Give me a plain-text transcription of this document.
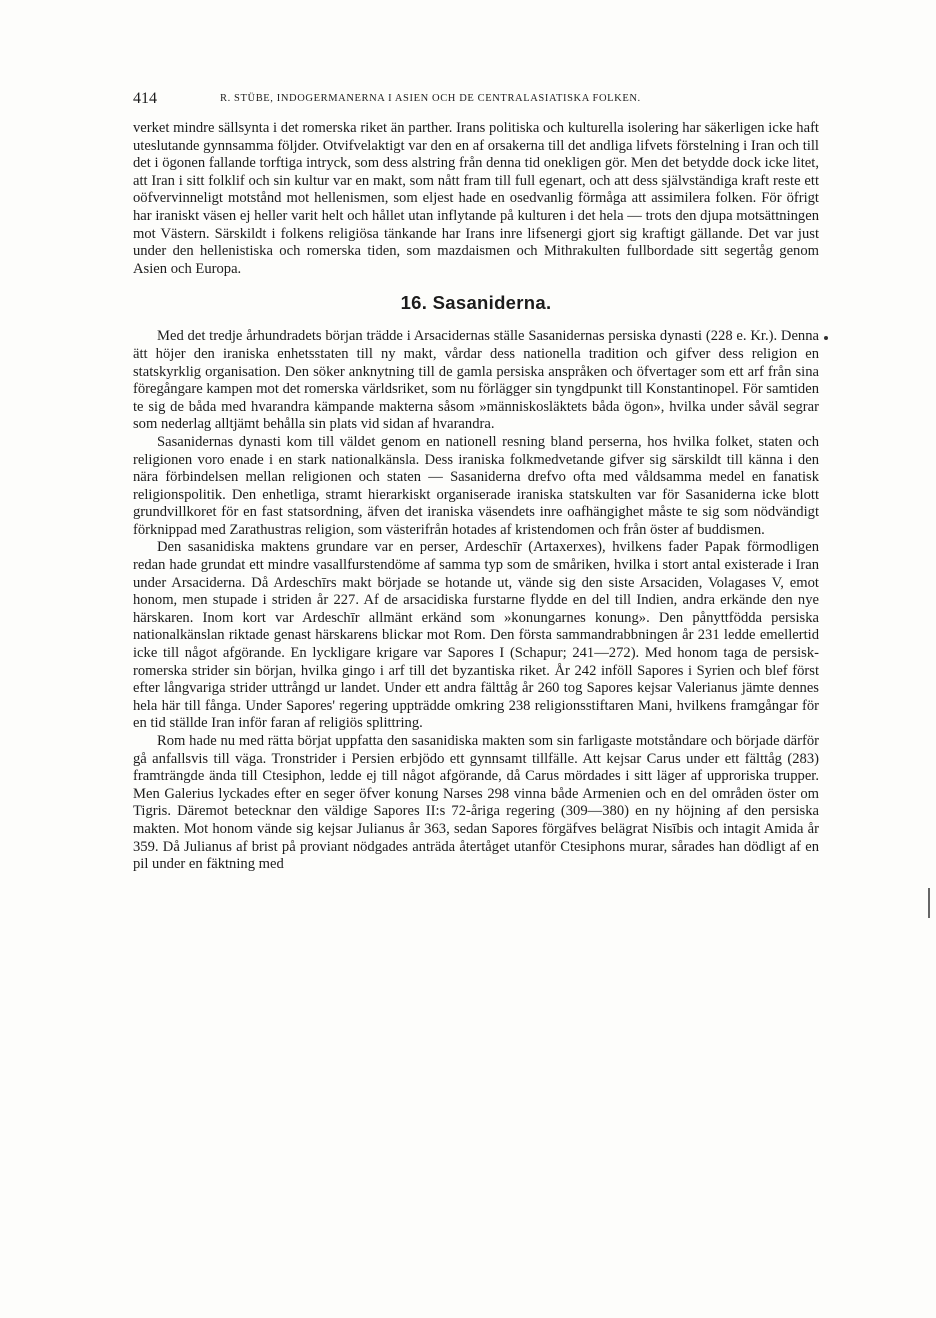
414	R. STÜBE, INDOGERMANERNA I ASIEN OCH DE CENTRALASIATISKA FOLKEN.

verket mindre sällsynta i det romerska riket än parther. Irans politiska och kulturella isolering har säkerligen icke haft uteslutande gynnsamma följder. Otvifvelaktigt var den en af orsakerna till det andliga lifvets förstelning i Iran och till det i ögonen fallande torftiga intryck, som dess alstring från denna tid onekligen gör. Men det betydde dock icke litet, att Iran i sitt folklif och sin kultur var en makt, som nått fram till full egenart, och att dess självständiga kraft reste ett oöfvervinneligt motstånd mot hellenismen, som eljest hade en osedvanlig förmåga att assimilera folken. För öfrigt har iraniskt väsen ej heller varit helt och hållet utan inflytande på kulturen i det hela — trots den djupa motsättningen mot Västern. Särskildt i folkens religiösa tänkande har Irans inre lifsenergi gjort sig kraftigt gällande. Det var just under den hellenistiska och romerska tiden, som mazdaismen och Mithrakulten fullbordade sitt segertåg genom Asien och Europa.

16. Sasaniderna.

Med det tredje århundradets början trädde i Arsacidernas ställe Sasanidernas persiska dynasti (228 e. Kr.). Denna ätt höjer den iraniska enhetsstaten till ny makt, vårdar dess nationella tradition och gifver dess religion en statskyrklig organisation. Den söker anknytning till de gamla persiska anspråken och öfvertager som ett arf från sina föregångare kampen mot det romerska världsriket, som nu förlägger sin tyngdpunkt till Konstantinopel. För samtiden te sig de båda med hvarandra kämpande makterna såsom »människosläktets båda ögon», hvilka under såväl segrar som nederlag alltjämt behålla sin plats vid sidan af hvarandra.

Sasanidernas dynasti kom till väldet genom en nationell resning bland perserna, hos hvilka folket, staten och religionen voro enade i en stark nationalkänsla. Dess iraniska folkmedvetande gifver sig särskildt till känna i den nära förbindelsen mellan religionen och staten — Sasaniderna drefvo ofta med våldsamma medel en fanatisk religionspolitik. Den enhetliga, stramt hierarkiskt organiserade iraniska statskulten var för Sasaniderna icke blott grundvillkoret för en fast statsordning, äfven det iraniska väsendets inre oafhängighet måste te sig som nödvändigt förknippad med Zarathustras religion, som västerifrån hotades af kristendomen och från öster af buddismen.

Den sasanidiska maktens grundare var en perser, Ardeschīr (Artaxerxes), hvilkens fader Papak förmodligen redan hade grundat ett mindre vasallfurstendöme af samma typ som de småriken, hvilka i stort antal existerade i Iran under Arsaciderna. Då Ardeschīrs makt började se hotande ut, vände sig den siste Arsaciden, Volagases V, emot honom, men stupade i striden år 227. Af de arsacidiska furstarne flydde en del till Indien, andra erkände den nye härskaren. Inom kort var Ardeschīr allmänt erkänd som »konungarnes konung». Den pånyttfödda persiska nationalkänslan riktade genast härskarens blickar mot Rom. Den första sammandrabbningen år 231 ledde emellertid icke till något afgörande. En lyckligare krigare var Sapores I (Schapur; 241—272). Med honom taga de persisk-romerska strider sin början, hvilka gingo i arf till det byzantiska riket. År 242 inföll Sapores i Syrien och blef först efter långvariga strider uttrångd ur landet. Under ett andra fälttåg år 260 tog Sapores kejsar Valerianus jämte dennes hela här till fånga. Under Sapores' regering uppträdde omkring 238 religionsstiftaren Mani, hvilkens framgångar för en tid ställde Iran inför faran af religiös splittring.

Rom hade nu med rätta börjat uppfatta den sasanidiska makten som sin farligaste motståndare och började därför gå anfallsvis till väga. Tronstrider i Persien erbjödo ett gynnsamt tillfälle. Att kejsar Carus under ett fälttåg (283) framträngde ända till Ctesiphon, ledde ej till något afgörande, då Carus mördades i sitt läger af upproriska trupper. Men Galerius lyckades efter en seger öfver konung Narses 298 vinna både Armenien och en del områden öster om Tigris. Däremot betecknar den väldige Sapores II:s 72-åriga regering (309—380) en ny höjning af den persiska makten. Mot honom vände sig kejsar Julianus år 363, sedan Sapores förgäfves belägrat Nisībis och intagit Amida år 359. Då Julianus af brist på proviant nödgades anträda återtåget utanför Ctesiphons murar, sårades han dödligt af en pil under en fäktning med
